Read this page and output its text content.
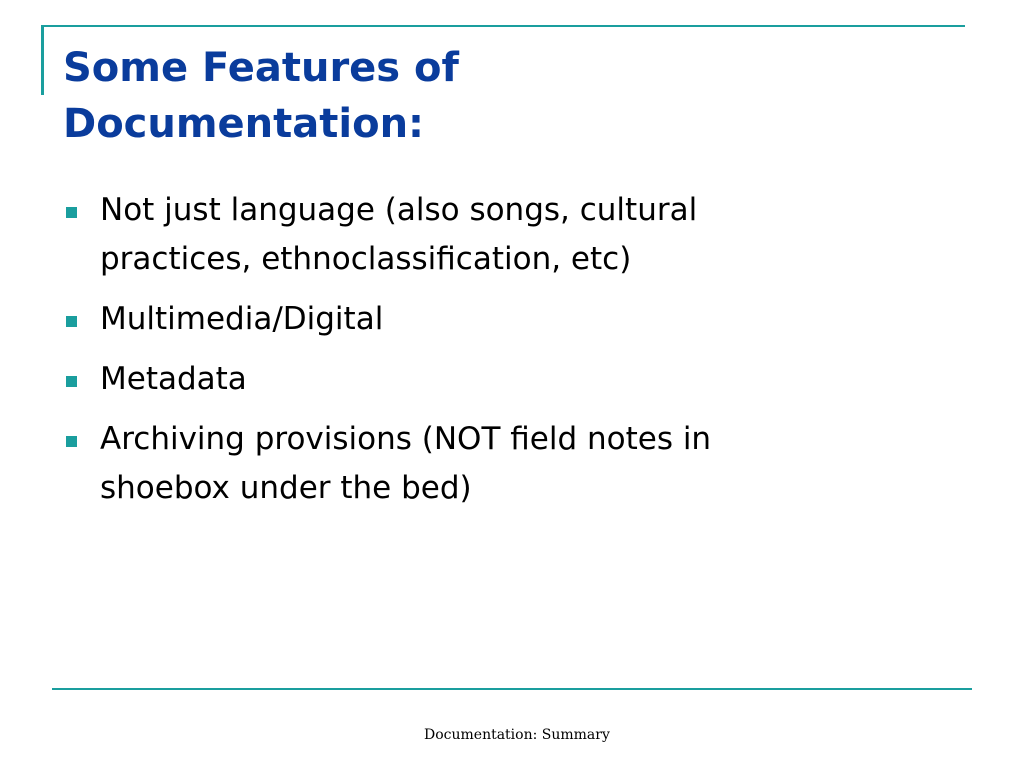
Some Features of
Documentation:
Not just language (also songs, cultural
practices, ethnoclassification, etc)
Multimedia/Digital
Metadata
Archiving provisions (NOT field notes in
shoebox under the bed)
Documentation: Summary
